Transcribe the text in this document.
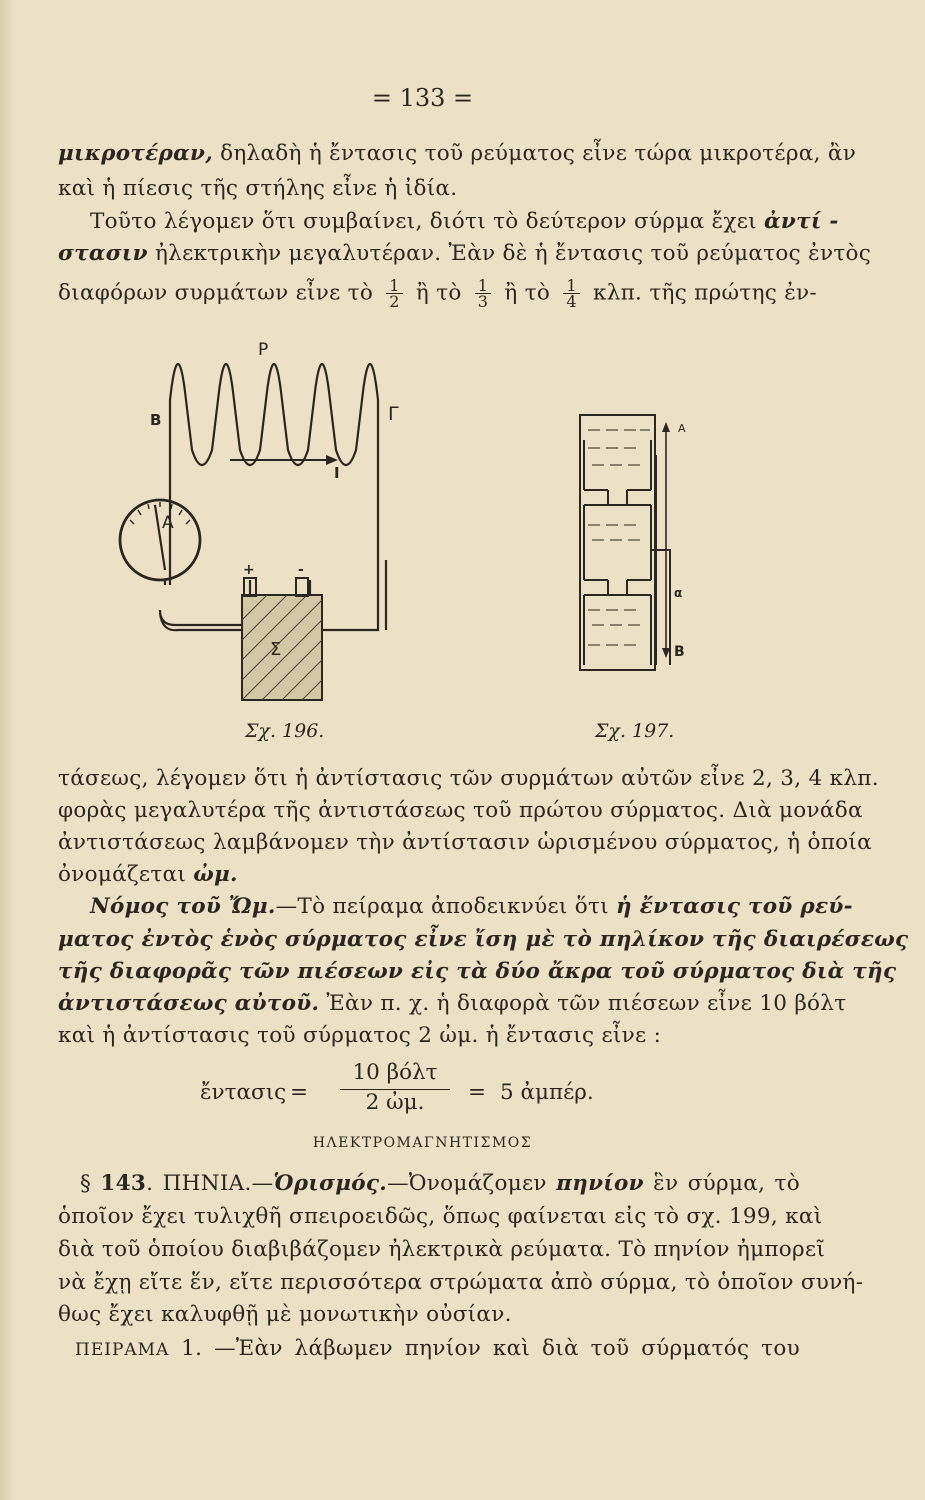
= 133 =
μικροτέραν, δηλαδὴ ἡ ἔντασις τοῦ ρεύματος εἶνε τώρα μικροτέρα, ἂν
καὶ ἡ πίεσις τῆς στήλης εἶνε ἡ ἰδία.
Τοῦτο λέγομεν ὅτι συμβαίνει, διότι τὸ δεύτερον σύρμα ἔχει ἀντί -
στασιν ἠλεκτρικὴν μεγαλυτέραν. Ἐὰν δὲ ἡ ἔντασις τοῦ ρεύματος ἐντὸς
διαφόρων συρμάτων εἶνε τὸ $\frac{1}{2}$ ἢ τὸ $\frac{1}{3}$ ἢ τὸ $\frac{1}{4} \kappa\lambda\pi$. τῆς πρώτης ἐν-
Ρ
Β	Γ
Ι
A
Σ
+	-
Σχ. 196.
Α
α
Β
Σχ. 197.
τάσεως, λέγομεν ὅτι ἡ ἀντίστασις τῶν συρμάτων αὐτῶν εἶνε 2, 3, 4 κλπ.
φορὰς μεγαλυτέρα τῆς ἀντιστάσεως τοῦ πρώτου σύρματος. Διὰ μονάδα
ἀντιστάσεως λαμβάνομεν τὴν ἀντίστασιν ὡρισμένου σύρματος, ἡ ὁποία
ὀνομάζεται ὠμ.
Νόμος τοῦ Ὤμ.—Τὸ πείραμα ἀποδεικνύει ὅτι ἡ ἔντασις τοῦ ρεύ-
ματος ἐντὸς ἑνὸς σύρματος εἶνε ἴση μὲ τὸ πηλίκον τῆς διαιρέσεως
τῆς διαφορᾶς τῶν πιέσεων εἰς τὰ δύο ἄκρα τοῦ σύρματος διὰ τῆς
ἀντιστάσεως αὐτοῦ. Ἐὰν π. χ. ἡ διαφορὰ τῶν πιέσεων εἶνε 10 βόλτ
καὶ ἡ ἀντίστασις τοῦ σύρματος 2 ὠμ. ἡ ἔντασις εἶνε :
ἔντασις =
10 βόλτ
2 ὠμ.	= 5 ἀμπέρ.
ΗΛΕΚΤΡΟΜΑΓΝΗΤΙΣΜΟΣ
§ 143. ΠΗΝΙΑ.—Ὁρισμός.—Ὀνομάζομεν πηνίον ἓν σύρμα, τὸ
ὁποῖον ἔχει τυλιχθῆ σπειροειδῶς, ὅπως φαίνεται εἰς τὸ σχ. 199, καὶ
διὰ τοῦ ὁποίου διαβιβάζομεν ἠλεκτρικὰ ρεύματα. Τὸ πηνίον ἠμπορεῖ
νὰ ἔχῃ εἴτε ἕν, εἴτε περισσότερα στρώματα ἀπὸ σύρμα, τὸ ὁποῖον συνή-
θως ἔχει καλυφθῇ μὲ μονωτικὴν οὐσίαν.
ΠΕΙΡΑΜΑ 1. —Ἐὰν λάβωμεν πηνίον καὶ διὰ τοῦ σύρματός του
